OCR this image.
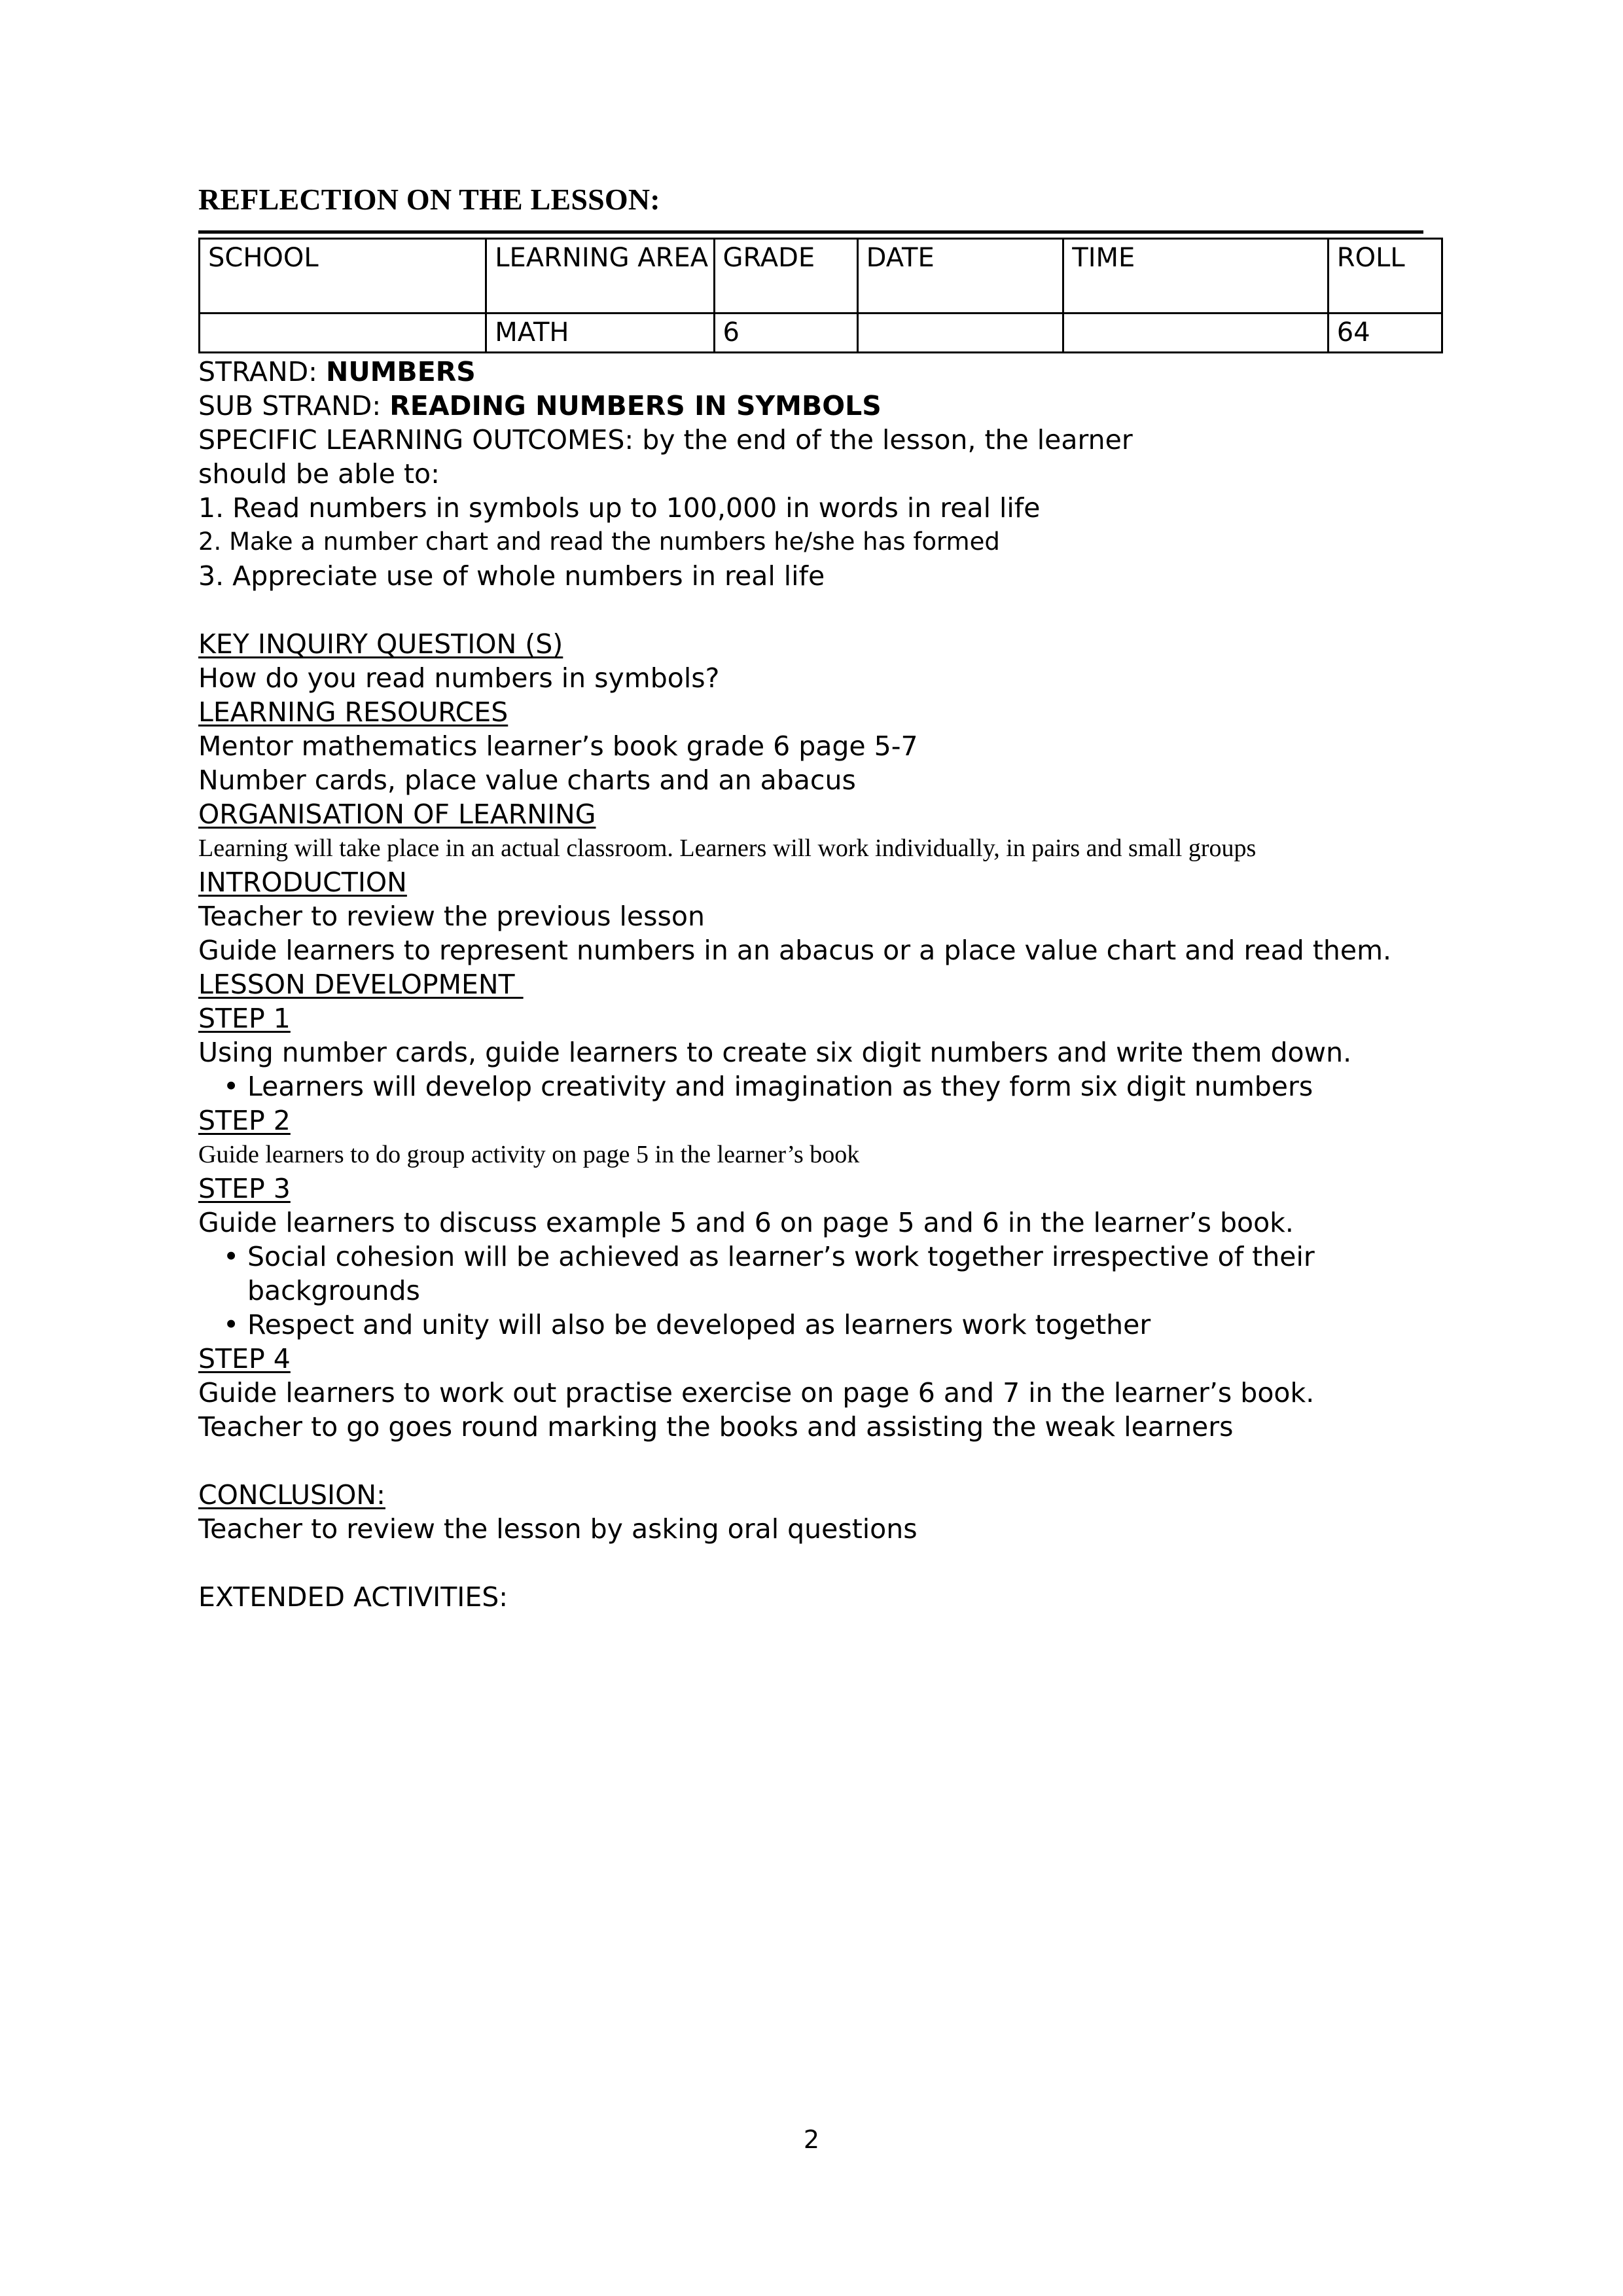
REFLECTION ON THE LESSON:
SCHOOL	LEARNING AREA	GRADE	DATE	TIME	ROLL
	MATH	6			64

STRAND: NUMBERS

SUB STRAND: READING NUMBERS IN SYMBOLS

SPECIFIC LEARNING OUTCOMES: by the end of the lesson, the learner

should be able to:

1. Read numbers in symbols up to 100,000 in words in real life

2. Make a number chart and read the numbers he/she has formed

3. Appreciate use of whole numbers in real life

KEY INQUIRY QUESTION (S)

How do you read numbers in symbols?

LEARNING RESOURCES

Mentor mathematics learner’s book grade 6 page 5-7

Number cards, place value charts and an abacus

ORGANISATION OF LEARNING

Learning will take place in an actual classroom. Learners will work individually, in pairs and small groups

INTRODUCTION

Teacher to review the previous lesson

Guide learners to represent numbers in an abacus or a place value chart and read them.

LESSON DEVELOPMENT

STEP 1

Using number cards, guide learners to create six digit numbers and write them down.

• Learners will develop creativity and imagination as they form six digit numbers

STEP 2

Guide learners to do group activity on page 5 in the learner’s book

STEP 3

Guide learners to discuss example 5 and 6 on page 5 and 6 in the learner’s book.

• Social cohesion will be achieved as learner’s work together irrespective of their backgrounds
• Respect and unity will also be developed as learners work together

STEP 4

Guide learners to work out practise exercise on page 6 and 7 in the learner’s book.

Teacher to go goes round marking the books and assisting the weak learners

CONCLUSION:

Teacher to review the lesson by asking oral questions

EXTENDED ACTIVITIES:

2
